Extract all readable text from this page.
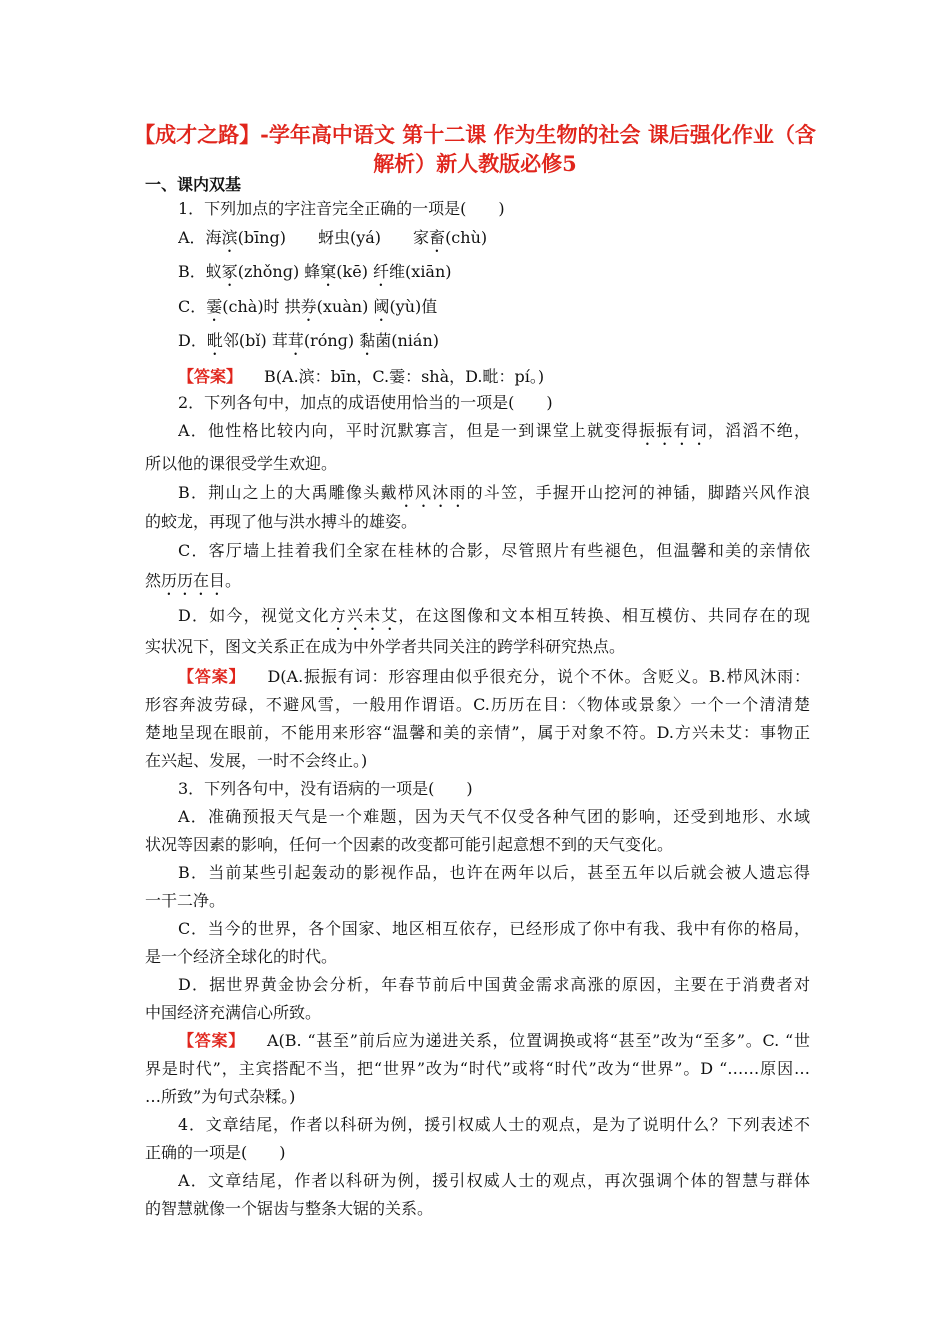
【成才之路】-学年高中语文 第十二课 作为生物的社会 课后强化作业（含
解析）新人教版必修5
一、课内双基
1．下列加点的字注音完全正确的一项是(　　)
A．海滨(bīng)　　蚜虫(yá)　　家畜(chù)
B．蚁冢(zhǒnɡ) 蜂窠(kē) 纤维(xiān)
C．霎(chà)时 拱券(xuàn) 阈(yù)值
D．毗邻(bǐ) 茸茸(rónɡ) 黏菌(nián)
【答案】 B(A.滨：bīn，C.霎：shà，D.毗：pí。)
2．下列各句中，加点的成语使用恰当的一项是(　　)
A．他性格比较内向，平时沉默寡言，但是一到课堂上就变得振振有词，滔滔不绝，
所以他的课很受学生欢迎。
B．荆山之上的大禹雕像头戴栉风沐雨的斗笠，手握开山挖河的神锸，脚踏兴风作浪
的蛟龙，再现了他与洪水搏斗的雄姿。
C．客厅墙上挂着我们全家在桂林的合影，尽管照片有些褪色，但温馨和美的亲情依
然历历在目。
D．如今，视觉文化方兴未艾，在这图像和文本相互转换、相互模仿、共同存在的现
实状况下，图文关系正在成为中外学者共同关注的跨学科研究热点。
【答案】 D(A.振振有词：形容理由似乎很充分，说个不休。含贬义。B.栉风沐雨：
形容奔波劳碌，不避风雪，一般用作谓语。C.历历在目：〈物体或景象〉一个一个清清楚
楚地呈现在眼前，不能用来形容“温馨和美的亲情”，属于对象不符。D.方兴未艾：事物正
在兴起、发展，一时不会终止。)
3．下列各句中，没有语病的一项是(　　)
A．准确预报天气是一个难题，因为天气不仅受各种气团的影响，还受到地形、水域
状况等因素的影响，任何一个因素的改变都可能引起意想不到的天气变化。
B．当前某些引起轰动的影视作品，也许在两年以后，甚至五年以后就会被人遗忘得
一干二净。
C．当今的世界，各个国家、地区相互依存，已经形成了你中有我、我中有你的格局，
是一个经济全球化的时代。
D．据世界黄金协会分析，年春节前后中国黄金需求高涨的原因，主要在于消费者对
中国经济充满信心所致。
【答案】 A(B. “甚至”前后应为递进关系，位置调换或将“甚至”改为“至多”。C. “世
界是时代”，主宾搭配不当，把“世界”改为“时代”或将“时代”改为“世界”。D “……原因…
…所致”为句式杂糅。)
4．文章结尾，作者以科研为例，援引权威人士的观点，是为了说明什么？下列表述不
正确的一项是(　　)
A．文章结尾，作者以科研为例，援引权威人士的观点，再次强调个体的智慧与群体
的智慧就像一个锯齿与整条大锯的关系。
